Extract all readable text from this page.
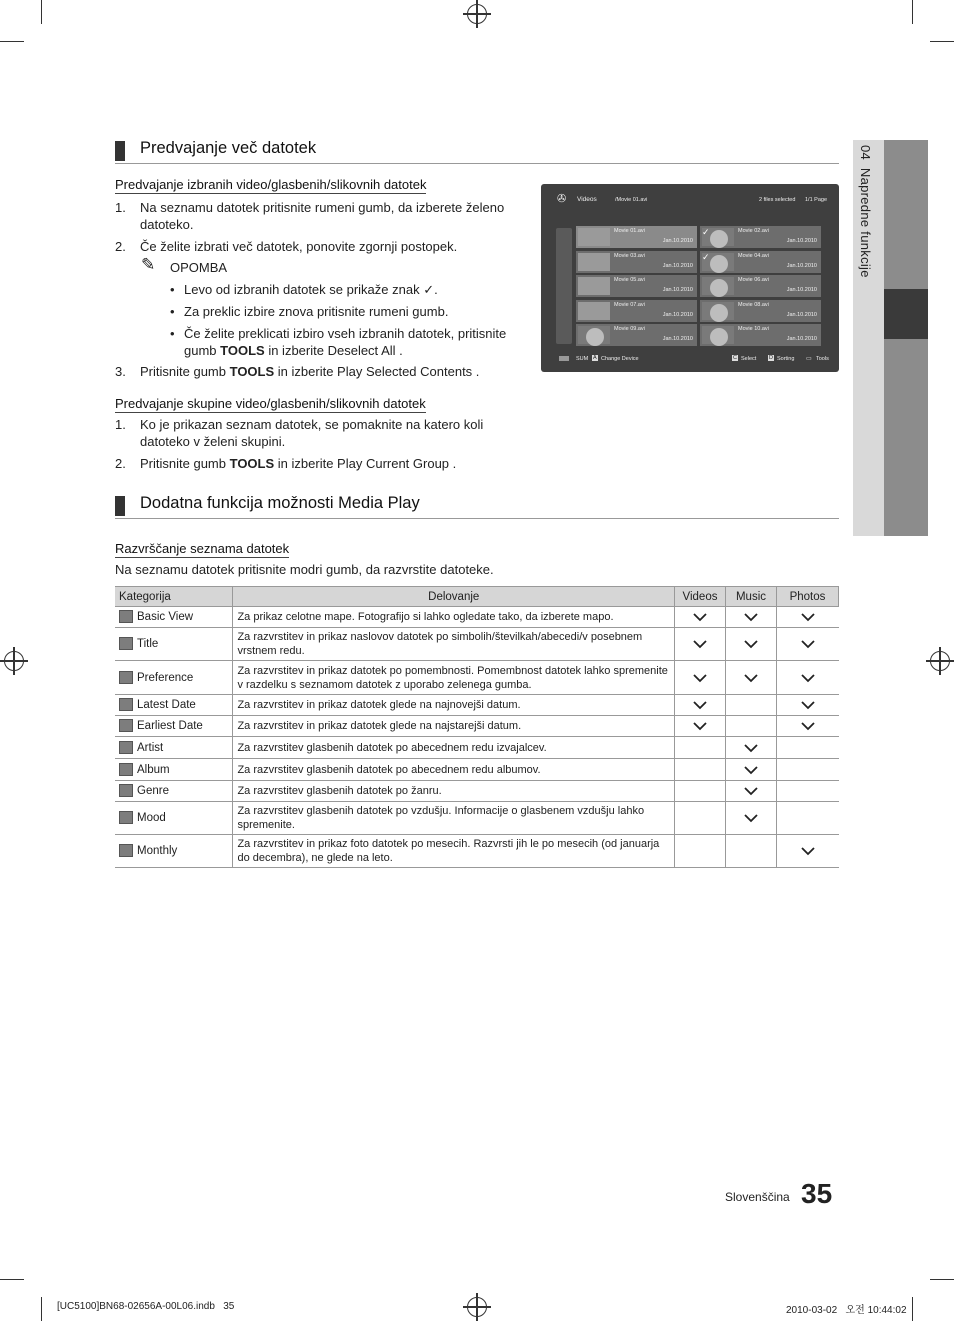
04  Napredne funkcije
Predvajanje več datotek
Predvajanje izbranih video/glasbenih/slikovnih datotek
1. Na seznamu datotek pritisnite rumeni gumb, da izberete želeno datoteko.
2. Če želite izbrati več datotek, ponovite zgornji postopek.
✎ OPOMBA
• Levo od izbranih datotek se prikaže znak ✓.
• Za preklic izbire znova pritisnite rumeni gumb.
• Če želite preklicati izbiro vseh izbranih datotek, pritisnite gumb TOOLS in izberite Deselect All .
3. Pritisnite gumb TOOLS in izberite Play Selected Contents .
Predvajanje skupine video/glasbenih/slikovnih datotek
1. Ko je prikazan seznam datotek, se pomaknite na katero koli datoteko v želeni skupini.
2. Pritisnite gumb TOOLS in izberite Play Current Group .
✇ Videos	/Movie 01.avi	2 files selected 1/1 Page
SUM A Change Device	C Select D Sorting ▭ Tools
Movie 01.avi
Jan.10.2010
✓	Movie 02.avi
Jan.10.2010
Movie 03.avi
Jan.10.2010
✓	Movie 04.avi
Jan.10.2010
Movie 05.avi
Jan.10.2010
Movie 06.avi
Jan.10.2010
Movie 07.avi
Jan.10.2010
Movie 08.avi
Jan.10.2010
Movie 09.avi
Jan.10.2010
Movie 10.avi
Jan.10.2010
Dodatna funkcija možnosti Media Play
Razvrščanje seznama datotek
Na seznamu datotek pritisnite modri gumb, da razvrstite datoteke.
Kategorija	Delovanje	Videos	Music	Photos
Basic View	Za prikaz celotne mape. Fotografijo si lahko ogledate tako, da izberete mapo.			
Title	Za razvrstitev in prikaz naslovov datotek po simbolih/številkah/abecedi/v posebnem vrstnem redu.			
Preference	Za razvrstitev in prikaz datotek po pomembnosti. Pomembnost datotek lahko spremenite v razdelku s seznamom datotek z uporabo zelenega gumba.			
Latest Date	Za razvrstitev in prikaz datotek glede na najnovejši datum.			
Earliest Date	Za razvrstitev in prikaz datotek glede na najstarejši datum.			
Artist	Za razvrstitev glasbenih datotek po abecednem redu izvajalcev.			
Album	Za razvrstitev glasbenih datotek po abecednem redu albumov.			
Genre	Za razvrstitev glasbenih datotek po žanru.			
Mood	Za razvrstitev glasbenih datotek po vzdušju. Informacije o glasbenem vzdušju lahko spremenite.			
Monthly	Za razvrstitev in prikaz foto datotek po mesecih. Razvrsti jih le po mesecih (od januarja do decembra), ne glede na leto.			
Slovenščina 35
[UC5100]BN68-02656A-00L06.indb   35	2010-03-02   오전 10:44:02
